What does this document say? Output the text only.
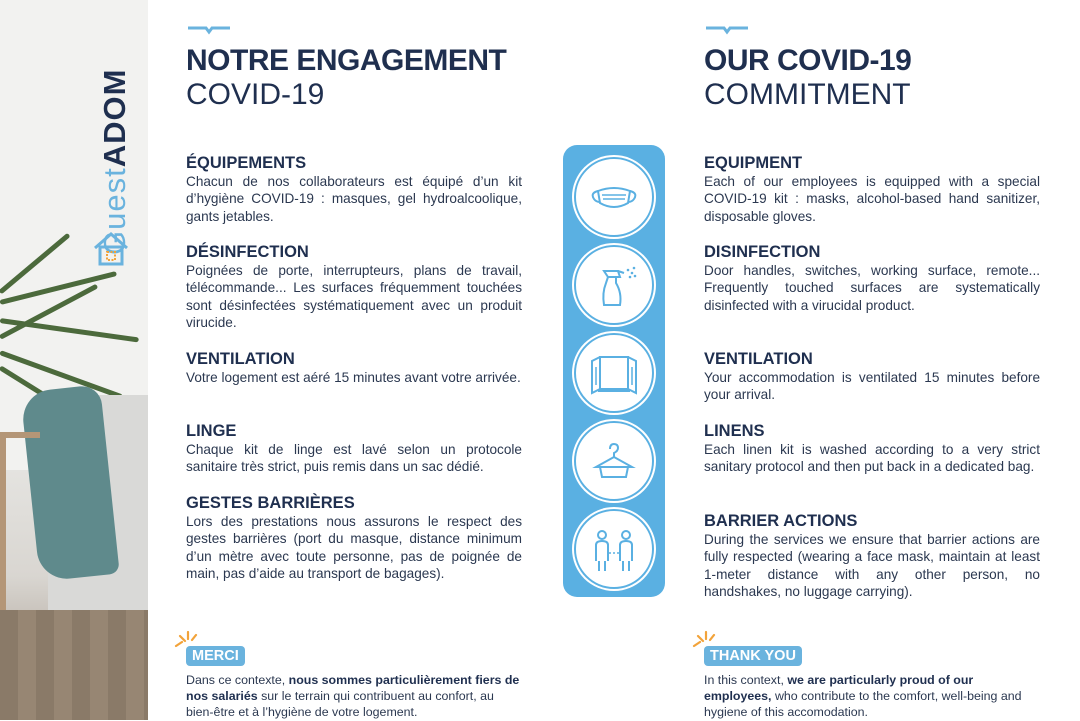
GuestADOM
NOTRE ENGAGEMENT
COVID-19
ÉQUIPEMENTS

Chacun de nos collaborateurs est équipé d’un kit d’hygiène COVID-19 : masques, gel hydroalcoolique, gants jetables.

DÉSINFECTION

Poignées de porte, interrupteurs, plans de travail, télécommande... Les surfaces fréquemment touchées sont désinfectées systématiquement avec un produit virucide.

VENTILATION

Votre logement est aéré 15 minutes avant votre arrivée.

LINGE

Chaque kit de linge est lavé selon un protocole sanitaire très strict, puis remis dans un sac dédié.

GESTES BARRIÈRES

Lors des prestations nous assurons le respect des gestes barrières (port du masque, distance minimum d’un mètre avec toute personne, pas de poignée de main, pas d’aide au transport de bagages).

MERCI
Dans ce contexte, nous sommes particulièrement fiers de nos salariés sur le terrain qui contribuent au confort, au bien-être et à l’hygiène de votre logement.
OUR COVID-19
COMMITMENT
EQUIPMENT

Each of our employees is equipped with a special COVID-19 kit : masks, alcohol-based hand sanitizer, disposable gloves.

DISINFECTION

Door handles, switches, working surface, remote... Frequently touched surfaces are systematically disinfected with a virucidal product.

VENTILATION

Your accommodation is ventilated 15 minutes before your arrival.

LINENS

Each linen kit is washed according to a very strict sanitary protocol and then put back in a dedicated bag.

BARRIER ACTIONS

During the services we ensure that barrier actions are fully respected (wearing a face mask, maintain at least 1-meter distance with any other person, no handshakes, no luggage carrying).

THANK YOU
In this context, we are particularly proud of our employees, who contribute to the comfort, well-being and hygiene of this accomodation.
